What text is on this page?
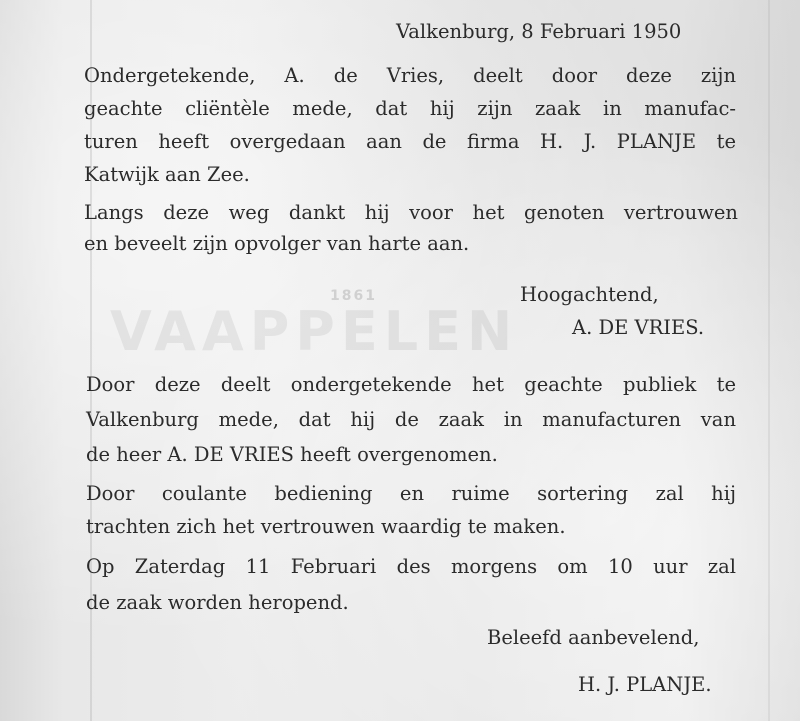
VAAPPELEN
1861
Valkenburg, 8 Februari 1950
Ondergetekende, A. de Vries, deelt door deze zijn
geachte cliëntèle mede, dat hij zijn zaak in manufac-
turen heeft overgedaan aan de firma H. J. PLANJE te
Katwijk aan Zee.
Langs deze weg dankt hij voor het genoten vertrouwen
en beveelt zijn opvolger van harte aan.
Hoogachtend,
A. DE VRIES.
Door deze deelt ondergetekende het geachte publiek te
Valkenburg mede, dat hij de zaak in manufacturen van
de heer A. DE VRIES heeft overgenomen.
Door coulante bediening en ruime sortering zal hij
trachten zich het vertrouwen waardig te maken.
Op Zaterdag 11 Februari des morgens om 10 uur zal
de zaak worden heropend.
Beleefd aanbevelend,
H. J. PLANJE.
